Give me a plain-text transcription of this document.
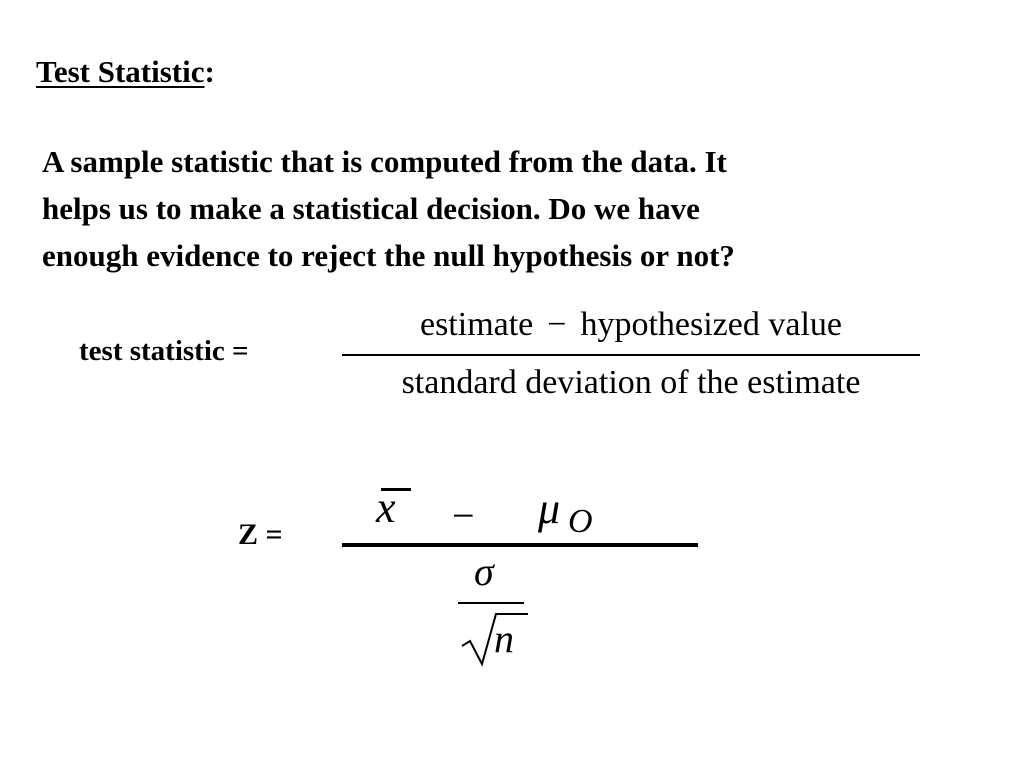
Test Statistic:
A sample statistic that is computed from the data. It
helps us to make a statistical decision. Do we have
enough evidence to reject the null hypothesis or not?
test statistic =
estimate − hypothesized value
standard deviation of the estimate
Z =
x − μ O
σ
n
